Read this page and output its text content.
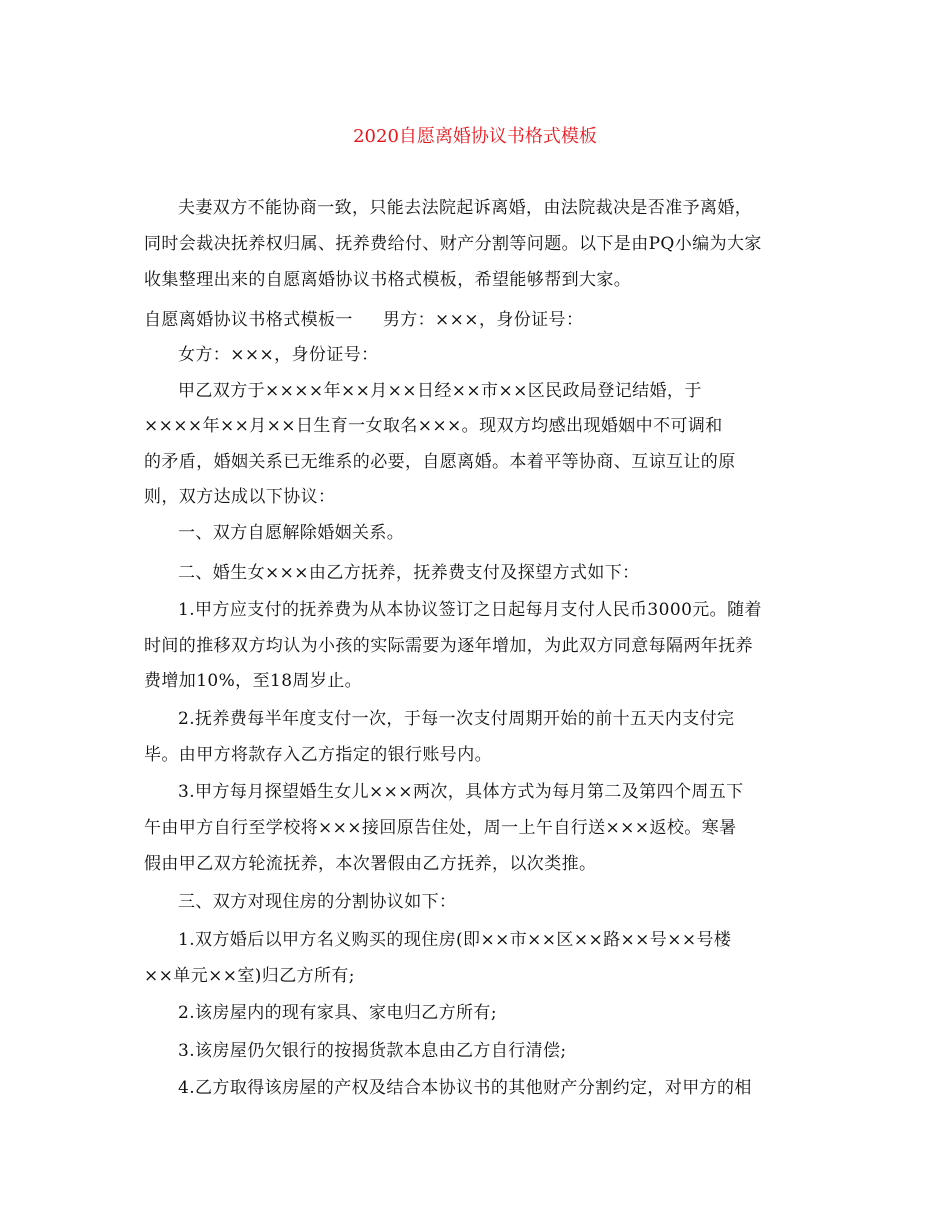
2020自愿离婚协议书格式模板
夫妻双方不能协商一致，只能去法院起诉离婚，由法院裁决是否准予离婚，
同时会裁决抚养权归属、抚养费给付、财产分割等问题。以下是由PQ小编为大家
收集整理出来的自愿离婚协议书格式模板，希望能够帮到大家。
自愿离婚协议书格式模板一 男方：×××，身份证号：
女方：×××，身份证号：
甲乙双方于××××年××月××日经××市××区民政局登记结婚，于
××××年××月××日生育一女取名×××。现双方均感出现婚姻中不可调和
的矛盾，婚姻关系已无维系的必要，自愿离婚。本着平等协商、互谅互让的原
则，双方达成以下协议：
一、双方自愿解除婚姻关系。
二、婚生女×××由乙方抚养，抚养费支付及探望方式如下：
1.甲方应支付的抚养费为从本协议签订之日起每月支付人民币3000元。随着
时间的推移双方均认为小孩的实际需要为逐年增加，为此双方同意每隔两年抚养
费增加10%，至18周岁止。
2.抚养费每半年度支付一次，于每一次支付周期开始的前十五天内支付完
毕。由甲方将款存入乙方指定的银行账号内。
3.甲方每月探望婚生女儿×××两次，具体方式为每月第二及第四个周五下
午由甲方自行至学校将×××接回原告住处，周一上午自行送×××返校。寒暑
假由甲乙双方轮流抚养，本次署假由乙方抚养，以次类推。
三、双方对现住房的分割协议如下：
1.双方婚后以甲方名义购买的现住房(即××市××区××路××号××号楼
××单元××室)归乙方所有;
2.该房屋内的现有家具、家电归乙方所有;
3.该房屋仍欠银行的按揭货款本息由乙方自行清偿;
4.乙方取得该房屋的产权及结合本协议书的其他财产分割约定，对甲方的相
